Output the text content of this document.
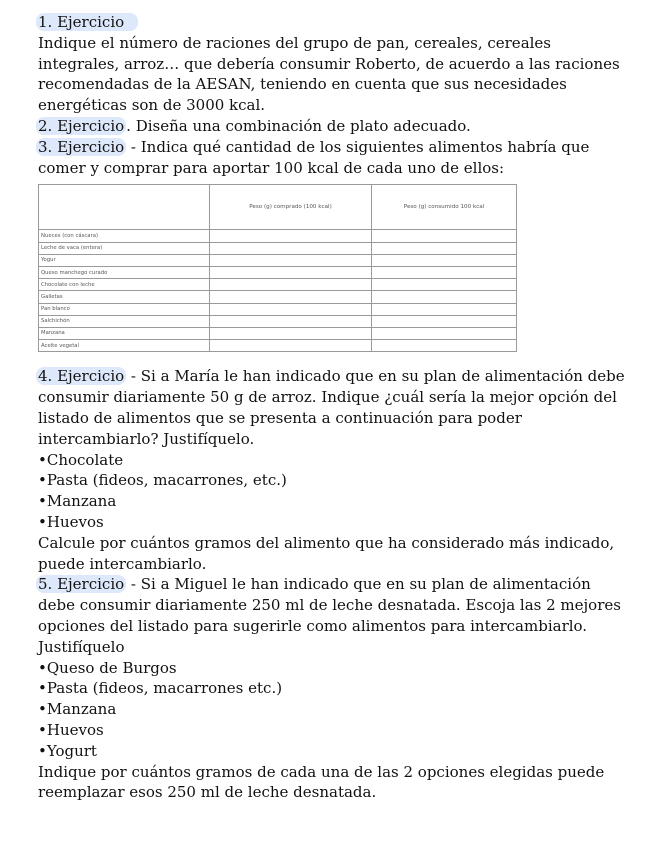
1. Ejercicio

Indique el número de raciones del grupo de pan, cereales, cereales integrales, arroz… que debería consumir Roberto, de acuerdo a las raciones recomendadas de la AESAN, teniendo en cuenta que sus necesidades energéticas son de 3000 kcal.

2. Ejercicio . Diseña una combinación de plato adecuado.

3. Ejercicio - Indica qué cantidad de los siguientes alimentos habría que comer y comprar para aportar 100 kcal de cada uno de ellos:

	Peso (g) comprado (100 kcal)	Peso (g) consumido 100 kcal
Nueces (con cáscara)		
Leche de vaca (entera)		
Yogur		
Queso manchego curado		
Chocolate con leche		
Galletas		
Pan blanco		
Salchichón		
Manzana		
Aceite vegetal		

4. Ejercicio - Si a María le han indicado que en su plan de alimentación debe consumir diariamente 50 g de arroz. Indique ¿cuál sería la mejor opción del listado de alimentos que se presenta a continuación para poder intercambiarlo? Justifíquelo.

• Chocolate
• Pasta (fideos, macarrones, etc.)
• Manzana
• Huevos

Calcule por cuántos gramos del alimento que ha considerado más indicado, puede intercambiarlo.

5. Ejercicio - Si a Miguel le han indicado que en su plan de alimentación debe consumir diariamente 250 ml de leche desnatada. Escoja las 2 mejores opciones del listado para sugerirle como alimentos para intercambiarlo. Justifíquelo

• Queso de Burgos
• Pasta (fideos, macarrones etc.)
• Manzana
• Huevos
• Yogurt

Indique por cuántos gramos de cada una de las 2 opciones elegidas puede reemplazar esos 250 ml de leche desnatada.
